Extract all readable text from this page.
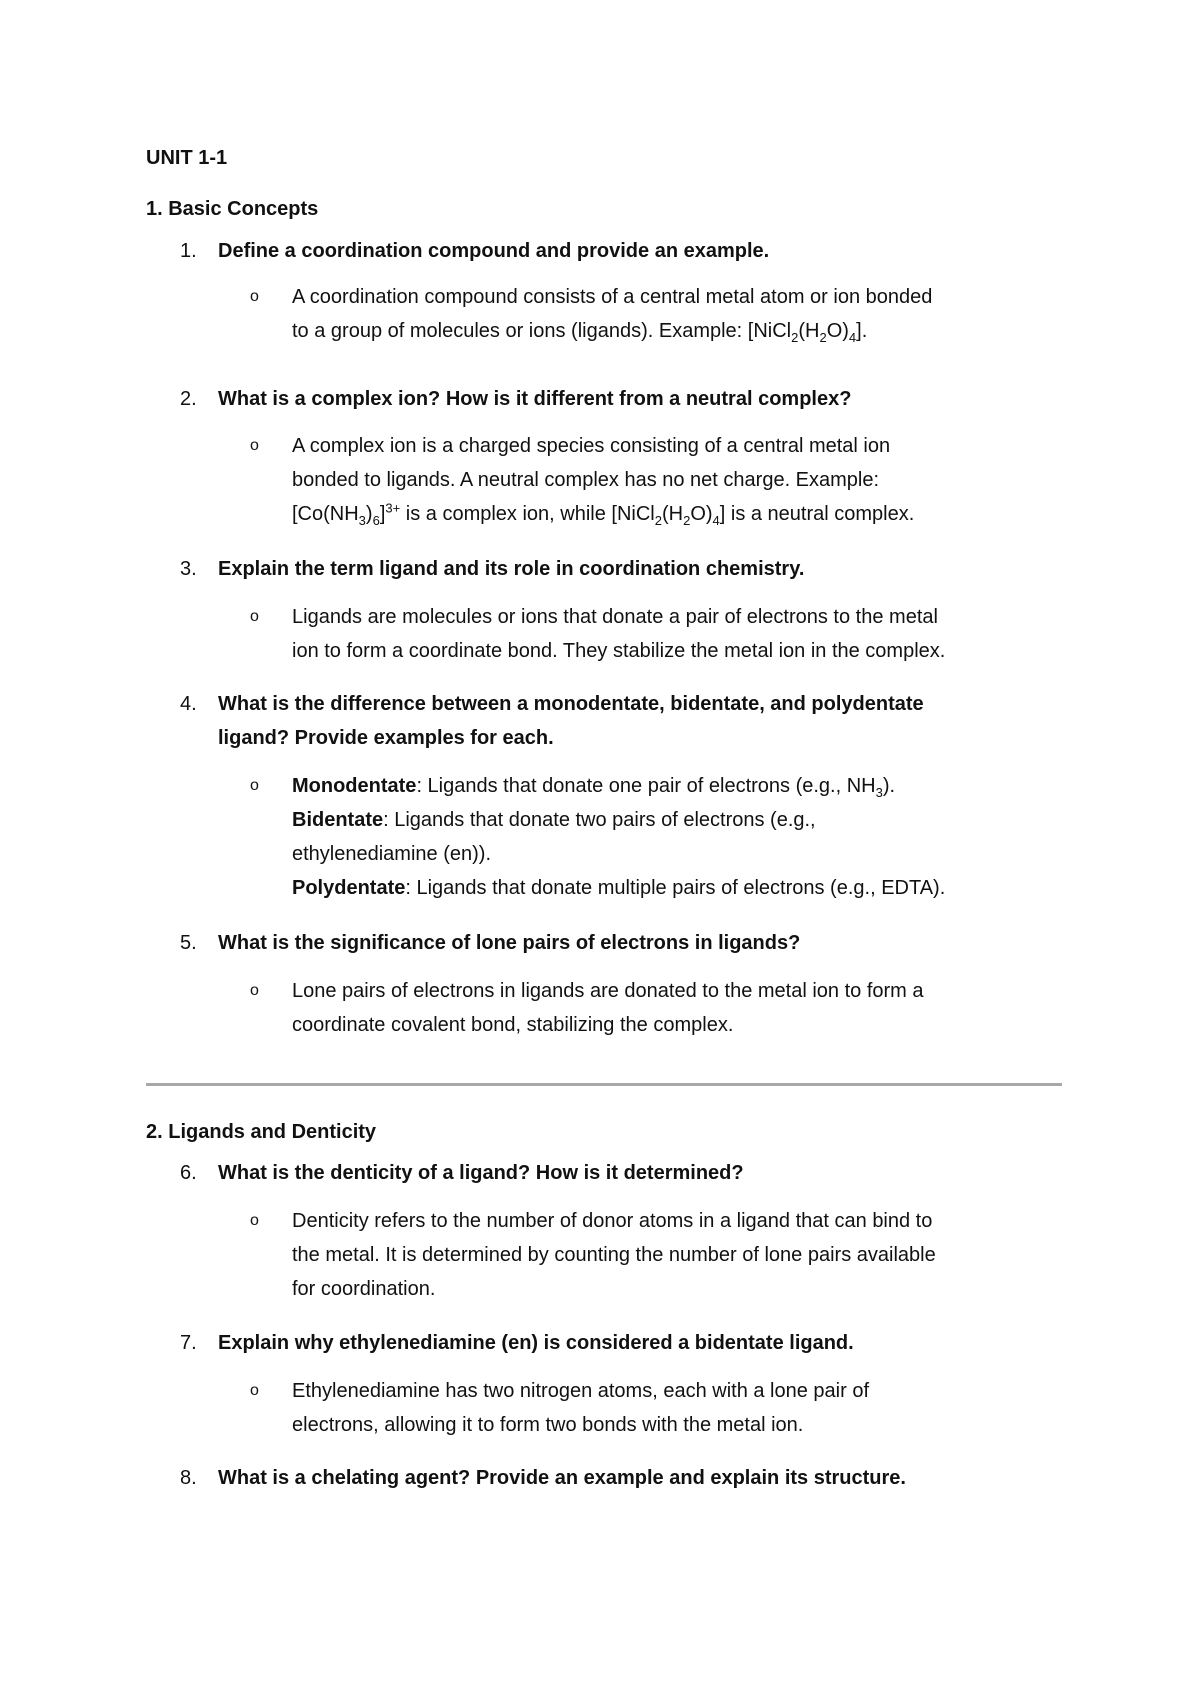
UNIT 1-1
1. Basic Concepts
1.	Define a coordination compound and provide an example.
o A coordination compound consists of a central metal atom or ion bonded
to a group of molecules or ions (ligands). Example: $[NiCl_2(H_2O)_4]$.
2.	What is a complex ion? How is it different from a neutral complex?
o A complex ion is a charged species consisting of a central metal ion
bonded to ligands. A neutral complex has no net charge. Example:
$[Co(NH_3)_6]^{3+}$ is a complex ion, while $[NiCl_2(H_2O)_4]$ is a neutral complex.
3.	Explain the term ligand and its role in coordination chemistry.
o Ligands are molecules or ions that donate a pair of electrons to the metal
ion to form a coordinate bond. They stabilize the metal ion in the complex.
4.	What is the difference between a monodentate, bidentate, and polydentate
ligand? Provide examples for each.
o Monodentate: Ligands that donate one pair of electrons (e.g., $NH_3$).
Bidentate: Ligands that donate two pairs of electrons (e.g.,
ethylenediamine (en)).
Polydentate: Ligands that donate multiple pairs of electrons (e.g., EDTA).
5.	What is the significance of lone pairs of electrons in ligands?
o Lone pairs of electrons in ligands are donated to the metal ion to form a
coordinate covalent bond, stabilizing the complex.
2. Ligands and Denticity
6.	What is the denticity of a ligand? How is it determined?
o Denticity refers to the number of donor atoms in a ligand that can bind to
the metal. It is determined by counting the number of lone pairs available
for coordination.
7.	Explain why ethylenediamine (en) is considered a bidentate ligand.
o Ethylenediamine has two nitrogen atoms, each with a lone pair of
electrons, allowing it to form two bonds with the metal ion.
8.	What is a chelating agent? Provide an example and explain its structure.
